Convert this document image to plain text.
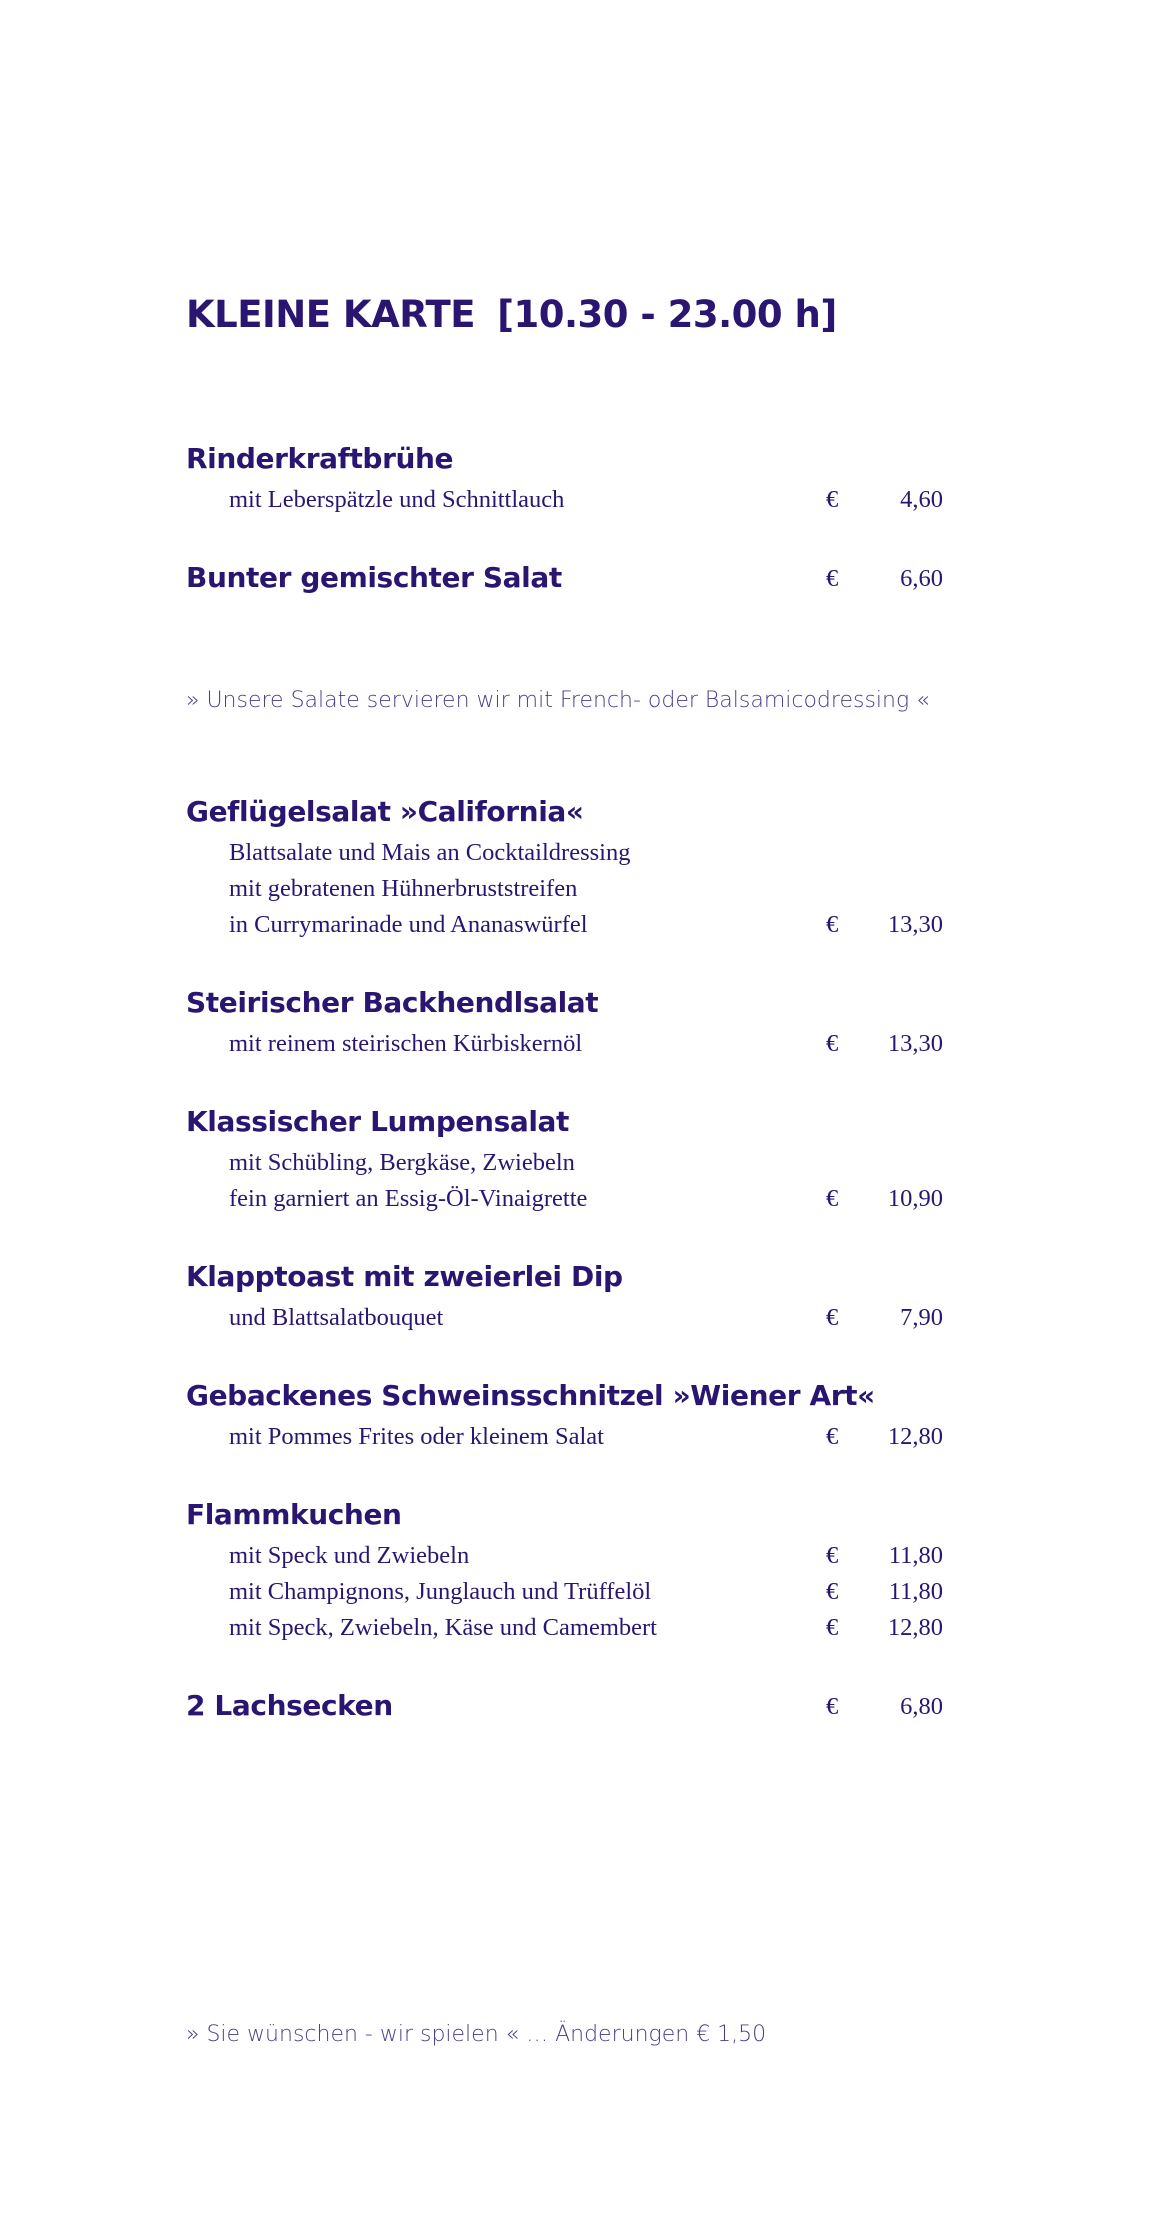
KLEINE KARTE [10.30 - 23.00 h]
Rinderkraftbrühe
mit Leberspätzle und Schnittlauch	€	4,60
Bunter gemischter Salat	€	6,60
» Unsere Salate servieren wir mit French- oder Balsamicodressing «
Geflügelsalat »California«
Blattsalate und Mais an Cocktaildressing
mit gebratenen Hühnerbruststreifen
in Currymarinade und Ananaswürfel	€ 13,30
Steirischer Backhendlsalat
mit reinem steirischen Kürbiskernöl	€ 13,30
Klassischer Lumpensalat
mit Schübling, Bergkäse, Zwiebeln
fein garniert an Essig-Öl-Vinaigrette	€ 10,90
Klapptoast mit zweierlei Dip
und Blattsalatbouquet	€	7,90
Gebackenes Schweinsschnitzel »Wiener Art«
mit Pommes Frites oder kleinem Salat	€ 12,80
Flammkuchen
mit Speck und Zwiebeln	€ 11,80
mit Champignons, Junglauch und Trüffelöl	€ 11,80
mit Speck, Zwiebeln, Käse und Camembert	€ 12,80
2 Lachsecken	€	6,80
» Sie wünschen - wir spielen « … Änderungen € 1,50
